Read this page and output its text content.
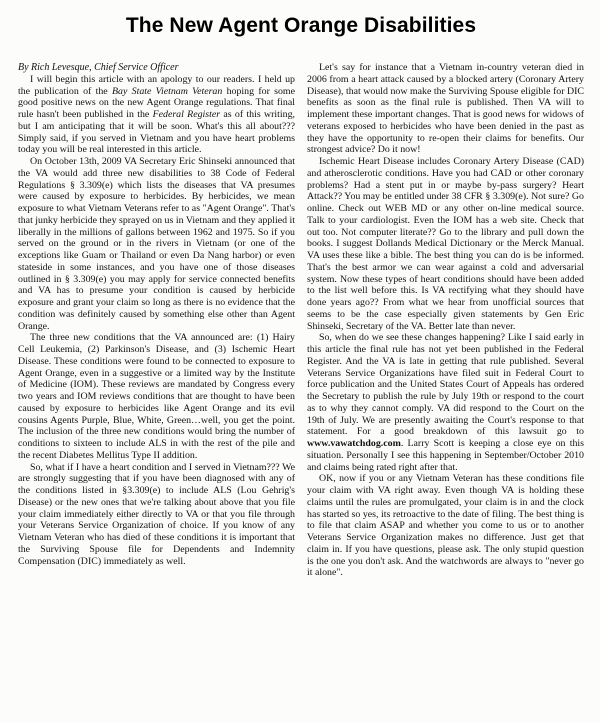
The New Agent Orange Disabilities

By Rich Levesque, Chief Service Officer

I will begin this article with an apology to our readers. I held up the publication of the Bay State Vietnam Veteran hoping for some good positive news on the new Agent Orange regulations. That final rule hasn't been published in the Federal Register as of this writing, but I am anticipating that it will be soon. What's this all about??? Simply said, if you served in Vietnam and you have heart problems today you will be real interested in this article.

On October 13th, 2009 VA Secretary Eric Shinseki announced that the VA would add three new disabilities to 38 Code of Federal Regulations § 3.309(e) which lists the diseases that VA presumes were caused by exposure to herbicides. By herbicides, we mean exposure to what Vietnam Veterans refer to as "Agent Orange". That's that junky herbicide they sprayed on us in Vietnam and they applied it liberally in the millions of gallons between 1962 and 1975. So if you served on the ground or in the rivers in Vietnam (or one of the exceptions like Guam or Thailand or even Da Nang harbor) or even stateside in some instances, and you have one of those diseases outlined in § 3.309(e) you may apply for service connected benefits and VA has to presume your condition is caused by herbicide exposure and grant your claim so long as there is no evidence that the condition was definitely caused by something else other than Agent Orange.

The three new conditions that the VA announced are: (1) Hairy Cell Leukemia, (2) Parkinson's Disease, and (3) Ischemic Heart Disease. These conditions were found to be connected to exposure to Agent Orange, even in a suggestive or a limited way by the Institute of Medicine (IOM). These reviews are mandated by Congress every two years and IOM reviews conditions that are thought to have been caused by exposure to herbicides like Agent Orange and its evil cousins Agents Purple, Blue, White, Green…well, you get the point. The inclusion of the three new conditions would bring the number of conditions to sixteen to include ALS in with the rest of the pile and the recent Diabetes Mellitus Type II addition.

So, what if I have a heart condition and I served in Vietnam??? We are strongly suggesting that if you have been diagnosed with any of the conditions listed in §3.309(e) to include ALS (Lou Gehrig's Disease) or the new ones that we're talking about above that you file your claim immediately either directly to VA or that you file through your Veterans Service Organization of choice. If you know of any Vietnam Veteran who has died of these conditions it is important that the Surviving Spouse file for Dependents and Indemnity Compensation (DIC) immediately as well.

Let's say for instance that a Vietnam in-country veteran died in 2006 from a heart attack caused by a blocked artery (Coronary Artery Disease), that would now make the Surviving Spouse eligible for DIC benefits as soon as the final rule is published. Then VA will to implement these important changes. That is good news for widows of veterans exposed to herbicides who have been denied in the past as they have the opportunity to re-open their claims for benefits. Our strongest advice? Do it now!

Ischemic Heart Disease includes Coronary Artery Disease (CAD) and atherosclerotic conditions. Have you had CAD or other coronary problems? Had a stent put in or maybe by-pass surgery? Heart Attack?? You may be entitled under 38 CFR § 3.309(e). Not sure? Go online. Check out WEB MD or any other on-line medical source. Talk to your cardiologist. Even the IOM has a web site. Check that out too. Not computer literate?? Go to the library and pull down the books. I suggest Dollands Medical Dictionary or the Merck Manual. VA uses these like a bible. The best thing you can do is be informed. That's the best armor we can wear against a cold and adversarial system. Now these types of heart conditions should have been added to the list well before this. Is VA rectifying what they should have done years ago?? From what we hear from unofficial sources that seems to be the case especially given statements by Gen Eric Shinseki, Secretary of the VA. Better late than never.

So, when do we see these changes happening? Like I said early in this article the final rule has not yet been published in the Federal Register. And the VA is late in getting that rule published. Several Veterans Service Organizations have filed suit in Federal Court to force publication and the United States Court of Appeals has ordered the Secretary to publish the rule by July 19th or respond to the court as to why they cannot comply. VA did respond to the Court on the 19th of July. We are presently awaiting the Court's response to that statement. For a good breakdown of this lawsuit go to www.vawatchdog.com. Larry Scott is keeping a close eye on this situation. Personally I see this happening in September/October 2010 and claims being rated right after that.

OK, now if you or any Vietnam Veteran has these conditions file your claim with VA right away. Even though VA is holding these claims until the rules are promulgated, your claim is in and the clock has started so yes, its retroactive to the date of filing. The best thing is to file that claim ASAP and whether you come to us or to another Veterans Service Organization makes no difference. Just get that claim in. If you have questions, please ask. The only stupid question is the one you don't ask. And the watchwords are always to "never go it alone".
